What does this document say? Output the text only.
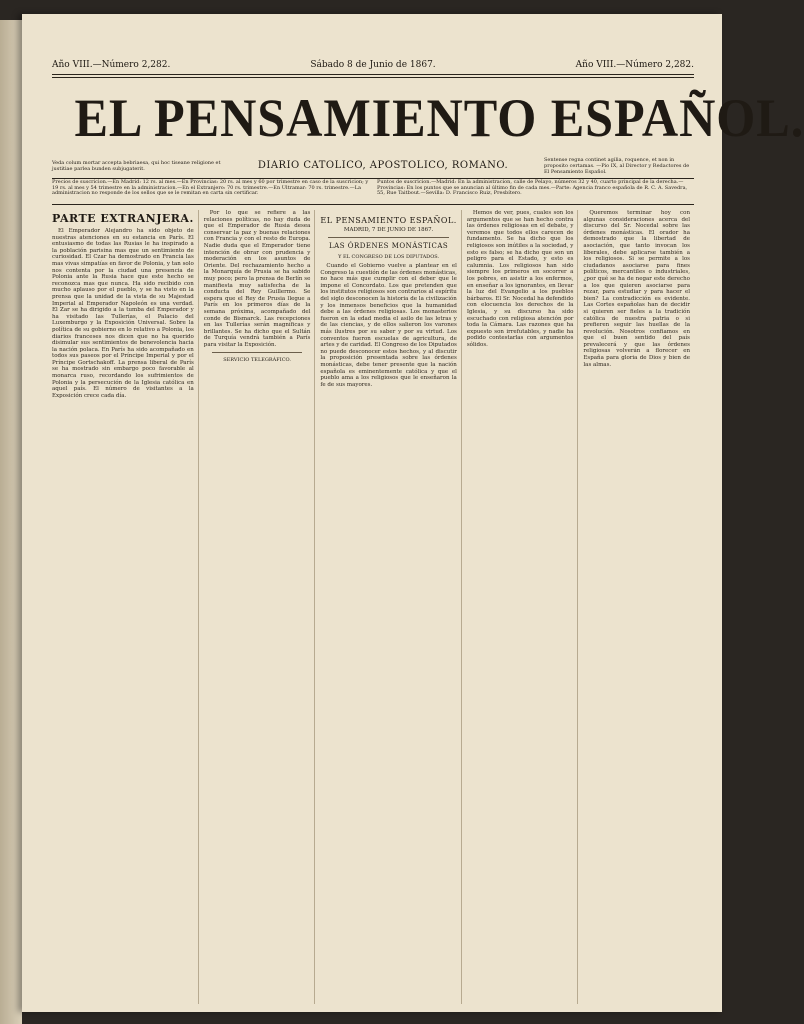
Año VIII.—Número 2,282.	Sábado 8 de Junio de 1867.	Año VIII.—Número 2,282.
EL PENSAMIENTO ESPAÑOL.
Veda colum mortar accepta bebriaesa, qui hoc tiseane religione et justitiae parlea bunden subjugaterit.	DIARIO CATOLICO, APOSTOLICO, ROMANO.	Sentense regna continet agilia, roquence, et non in proposito certamas. —Pio IX, al Director y Redactores de El Pensamiento Español.
Precios de suscricion.—En Madrid: 12 rs. al mes.—En Provincias: 20 rs. al mes y 60 por trimestre en caso de la suscricion; y 19 rs. al mes y 54 trimestre en la administracion.—En el Extranjero: 70 rs. trimestre.—En Ultramar: 70 rs. trimestre.—La administracion no responde de los sellos que se le remitan en carta sin certificar.
Puntos de suscricion.—Madrid: En la administracion, calle de Pelayo, números 32 y 40, cuarto principal de la derecha.—Provincias: En los puntos que se anuncian al último fin de cada mes.—Parte: Agencia franco española de R. C. A. Savedra, 55, Rue Taitbout.—Sevilla: D. Francisco Ruiz, Presbítero.
PARTE EXTRANJERA.

El Emperador Alejandro ha sido objeto de nuestras atenciones en su estancia en París. El entusiasmo de todas las Rusias le ha inspirado a la población parisina mas que un sentimiento de curiosidad. El Czar ha demostrado en Francia las mas vivas simpatías en favor de Polonia, y tan solo nos contenta por la ciudad una presencia de Polonia ante la Rusia hace que este hecho se reconozca mas que nunca. Ha sido recibido con mucho aplauso por el pueblo, y se ha visto en la prensa que la unidad de la vista de su Majestad Imperial al Emperador Napoleón es una verdad. El Zar se ha dirigido a la tumba del Emperador y ha visitado las Tullerías, el Palacio del Luxemburgo y la Exposición Universal. Sobre la política de su gobierno en lo relativo a Polonia, los diarios franceses nos dicen que no ha querido disimular sus sentimientos de benevolencia hacia la nación polaca. En París ha sido acompañado en todos sus paseos por el Príncipe Imperial y por el Príncipe Gortschakoff. La prensa liberal de París se ha mostrado sin embargo poco favorable al monarca ruso, recordando los sufrimientos de Polonia y la persecución de la Iglesia católica en aquel país. El número de visitantes a la Exposición crece cada día.

Por lo que se refiere a las relaciones políticas, no hay duda de que el Emperador de Rusia desea conservar la paz y buenas relaciones con Francia y con el resto de Europa. Nadie duda que el Emperador tiene intención de obrar con prudencia y moderación en los asuntos de Oriente. Del rechazamiento hecho a la Monarquía de Prusia se ha sabido muy poco; pero la prensa de Berlín se manifiesta muy satisfecha de la conducta del Rey Guillermo. Se espera que el Rey de Prusia llegue a París en los primeros días de la semana próxima, acompañado del conde de Bismarck. Las recepciones en las Tullerías serán magníficas y brillantes. Se ha dicho que el Sultán de Turquía vendrá también a París para visitar la Exposición.

SERVICIO TELEGRÁFICO.
EL PENSAMIENTO ESPAÑOL.
MADRID, 7 DE JUNIO DE 1867.
LAS ÓRDENES MONÁSTICAS
Y EL CONGRESO DE LOS DIPUTADOS.

Cuando el Gobierno vuelve a plantear en el Congreso la cuestión de las órdenes monásticas, no hace más que cumplir con el deber que le impone el Concordato. Los que pretenden que los institutos religiosos son contrarios al espíritu del siglo desconocen la historia de la civilización y los inmensos beneficios que la humanidad debe a las órdenes religiosas. Los monasterios fueron en la edad media el asilo de las letras y de las ciencias, y de ellos salieron los varones más ilustres por su saber y por su virtud. Los conventos fueron escuelas de agricultura, de artes y de caridad. El Congreso de los Diputados no puede desconocer estos hechos, y al discutir la proposición presentada sobre las órdenes monásticas, debe tener presente que la nación española es eminentemente católica y que el pueblo ama a los religiosos que le enseñaron la fe de sus mayores.

Hemos de ver, pues, cuales son los argumentos que se han hecho contra las órdenes religiosas en el debate, y veremos que todos ellos carecen de fundamento. Se ha dicho que los religiosos son inútiles a la sociedad, y esto es falso; se ha dicho que son un peligro para el Estado, y esto es calumnia. Los religiosos han sido siempre los primeros en socorrer a los pobres, en asistir a los enfermos, en enseñar a los ignorantes, en llevar la luz del Evangelio a los pueblos bárbaros. El Sr. Nocedal ha defendido con elocuencia los derechos de la Iglesia, y su discurso ha sido escuchado con religiosa atención por toda la Cámara. Las razones que ha expuesto son irrefutables, y nadie ha podido contestarlas con argumentos sólidos.

Queremos terminar hoy con algunas consideraciones acerca del discurso del Sr. Nocedal sobre las órdenes monásticas. El orador ha demostrado que la libertad de asociación, que tanto invocan los liberales, debe aplicarse también a los religiosos. Si se permite a los ciudadanos asociarse para fines políticos, mercantiles o industriales, ¿por qué se ha de negar este derecho a los que quieren asociarse para rezar, para estudiar y para hacer el bien? La contradicción es evidente. Las Cortes españolas han de decidir si quieren ser fieles a la tradición católica de nuestra patria o si prefieren seguir las huellas de la revolución. Nosotros confiamos en que el buen sentido del país prevalecerá y que las órdenes religiosas volverán a florecer en España para gloria de Dios y bien de las almas.
